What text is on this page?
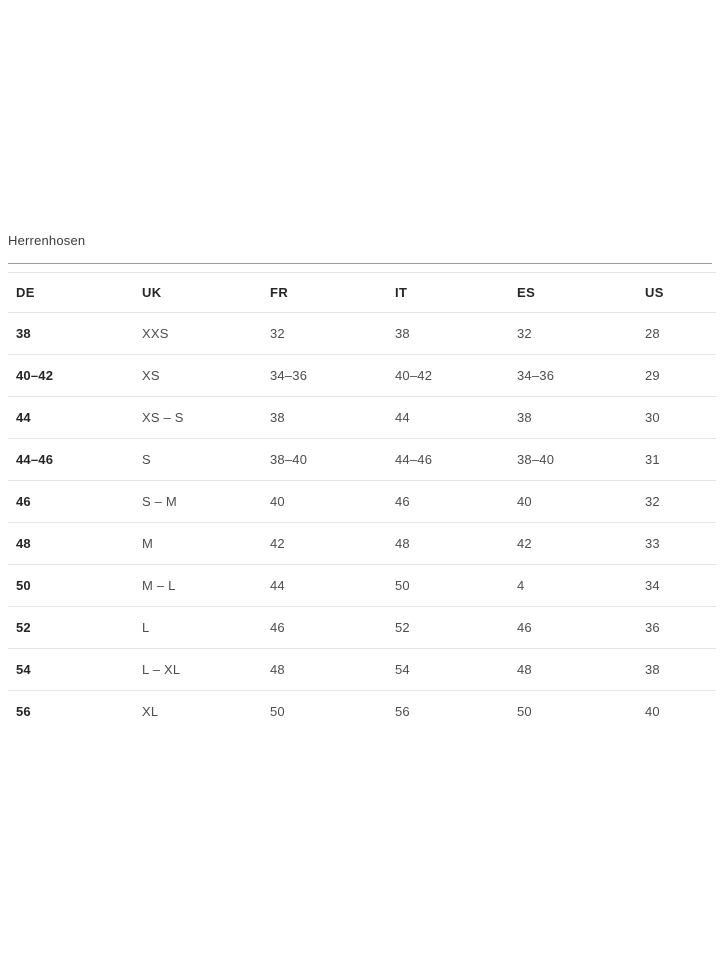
Herrenhosen
DE	UK	FR	IT	ES	US
38	XXS	32	38	32	28
40–42	XS	34–36	40–42	34–36	29
44	XS – S	38	44	38	30
44–46	S	38–40	44–46	38–40	31
46	S – M	40	46	40	32
48	M	42	48	42	33
50	M – L	44	50	4	34
52	L	46	52	46	36
54	L – XL	48	54	48	38
56	XL	50	56	50	40
